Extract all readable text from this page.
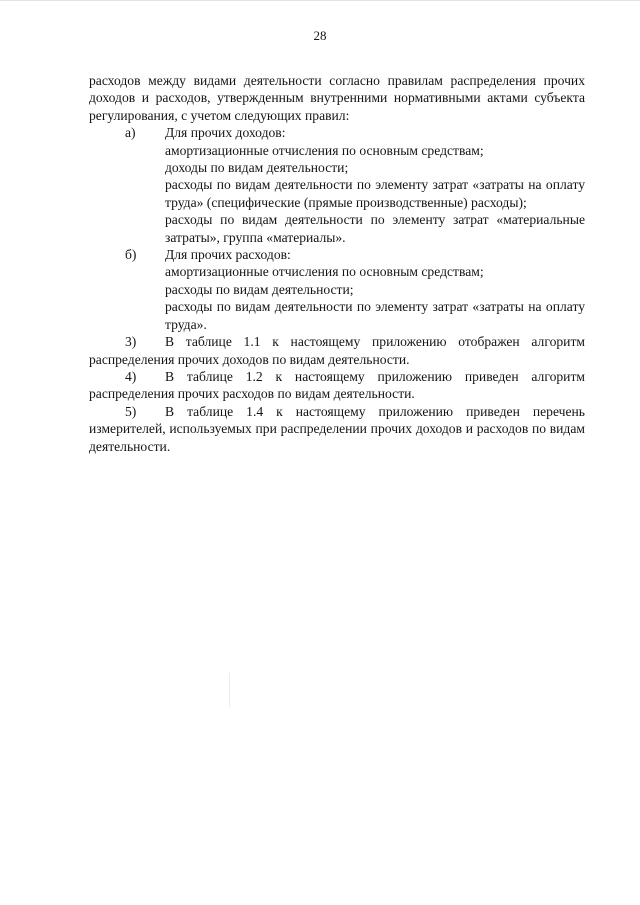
28

расходов между видами деятельности согласно правилам распределения прочих доходов и расходов, утвержденным внутренними нормативными актами субъекта регулирования, с учетом следующих правил:

а)	Для прочих доходов:

амортизационные отчисления по основным средствам;

доходы по видам деятельности;

расходы по видам деятельности по элементу затрат «затраты на оплату труда» (специфические (прямые производственные) расходы);

расходы по видам деятельности по элементу затрат «материальные затраты», группа «материалы».

б)	Для прочих расходов:

амортизационные отчисления по основным средствам;

расходы по видам деятельности;

расходы по видам деятельности по элементу затрат «затраты на оплату труда».

3) В таблице 1.1 к настоящему приложению отображен алгоритм распределения прочих доходов по видам деятельности.

4) В таблице 1.2 к настоящему приложению приведен алгоритм распределения прочих расходов по видам деятельности.

5) В таблице 1.4 к настоящему приложению приведен перечень измерителей, используемых при распределении прочих доходов и расходов по видам деятельности.
